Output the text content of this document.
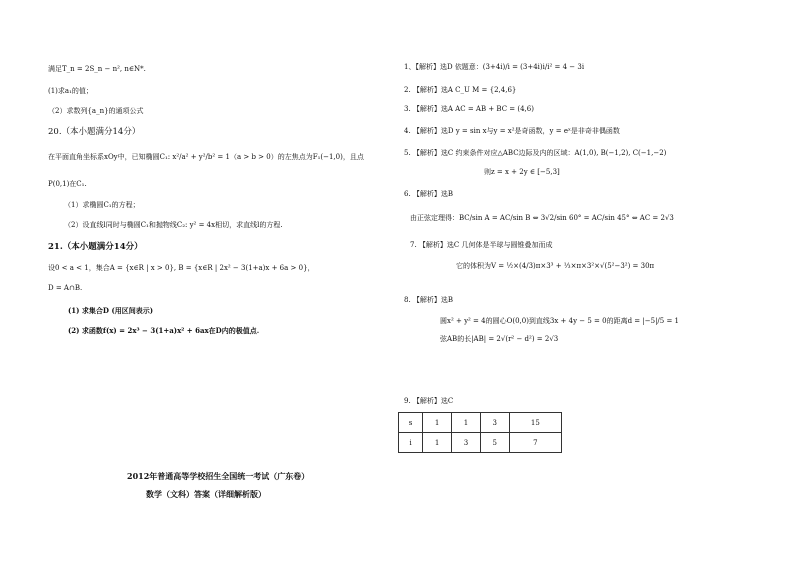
满足T_n = 2S_n − n², n∈N*.
(1)求a₁的值；
（2）求数列{a_n}的通项公式
20.（本小题满分14分）
在平面直角坐标系xOy中，已知椭圆C₁: x²/a² + y²/b² = 1（a > b > 0）的左焦点为F₁(−1,0)，且点
P(0,1)在C₁.
（1）求椭圆C₁的方程；
（2）设直线l同时与椭圆C₁和抛物线C₂: y² = 4x相切，求直线l的方程.
21.（本小题满分14分）
设0 < a < 1，集合A = {x∈R | x > 0}, B = {x∈R | 2x² − 3(1+a)x + 6a > 0}，
D = A∩B.
(1) 求集合D (用区间表示)
(2) 求函数f(x) = 2x³ − 3(1+a)x² + 6ax在D内的极值点.
2012年普通高等学校招生全国统一考试（广东卷）
数学（文科）答案（详细解析版）
1、【解析】选D 依题意：(3+4i)/i = (3+4i)i/i² = 4 − 3i
2. 【解析】选A C_U M = {2,4,6}
3. 【解析】选A AC = AB + BC = (4,6)
4. 【解析】选D y = sin x与y = x²是奇函数，y = eˣ是非奇非偶函数
5. 【解析】选C 约束条件对应△ABC边际及内的区域：A(1,0), B(−1,2), C(−1,−2)
则z = x + 2y ∈ [−5,3]
6. 【解析】选B
由正弦定理得：BC/sin A = AC/sin B ⇔ 3√2/sin 60° = AC/sin 45° ⇔ AC = 2√3
7. 【解析】选C 几何体是半球与圆锥叠加而成
它的体积为V = ½×(4/3)π×3³ + ⅓×π×3²×√(5²−3²) = 30π
8. 【解析】选B
圆x² + y² = 4的圆心O(0,0)到直线3x + 4y − 5 = 0的距离d = |−5|/5 = 1
弦AB的长|AB| = 2√(r² − d²) = 2√3
9. 【解析】选C
s	1	1	3	15
i	1	3	5	7
